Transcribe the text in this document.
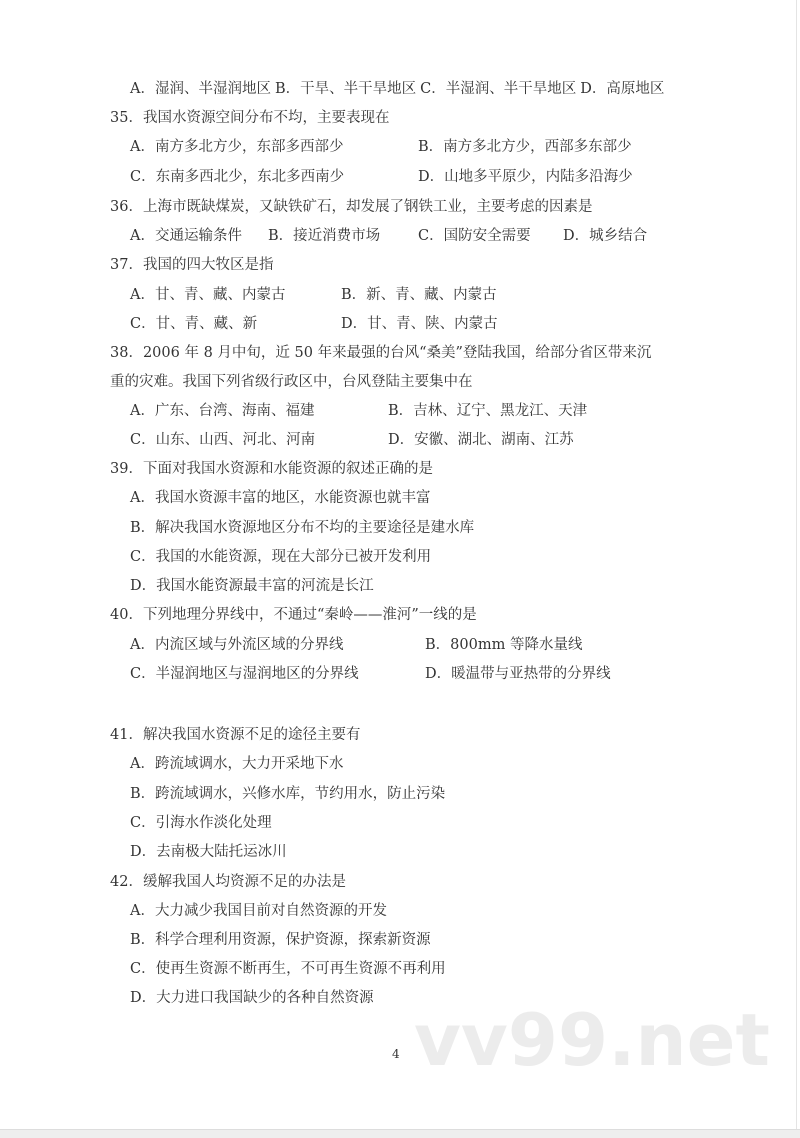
vv99.net
A．湿润、半湿润地区 B．干旱、半干旱地区 C．半湿润、半干旱地区 D．高原地区
35．我国水资源空间分布不均，主要表现在
A．南方多北方少，东部多西部少	B．南方多北方少，西部多东部少
C．东南多西北少，东北多西南少	D．山地多平原少，内陆多沿海少
36．上海市既缺煤炭，又缺铁矿石，却发展了钢铁工业，主要考虑的因素是
A．交通运输条件 B．接近消费市场	C．国防安全需要 D．城乡结合
37．我国的四大牧区是指
A．甘、青、藏、内蒙古	B．新、青、藏、内蒙古
C．甘、青、藏、新	D．甘、青、陕、内蒙古
38．2006 年 8 月中旬，近 50 年来最强的台风“桑美”登陆我国，给部分省区带来沉
重的灾难。我国下列省级行政区中，台风登陆主要集中在
A．广东、台湾、海南、福建	B．吉林、辽宁、黑龙江、天津
C．山东、山西、河北、河南	D．安徽、湖北、湖南、江苏
39．下面对我国水资源和水能资源的叙述正确的是
A．我国水资源丰富的地区，水能资源也就丰富
B．解决我国水资源地区分布不均的主要途径是建水库
C．我国的水能资源，现在大部分已被开发利用
D．我国水能资源最丰富的河流是长江
40．下列地理分界线中，不通过“秦岭——淮河”一线的是
A．内流区域与外流区域的分界线	B．800mm 等降水量线
C．半湿润地区与湿润地区的分界线	D．暖温带与亚热带的分界线
41．解决我国水资源不足的途径主要有
A．跨流域调水，大力开采地下水
B．跨流域调水，兴修水库，节约用水，防止污染
C．引海水作淡化处理
D．去南极大陆托运冰川
42．缓解我国人均资源不足的办法是
A．大力减少我国目前对自然资源的开发
B．科学合理利用资源，保护资源，探索新资源
C．使再生资源不断再生，不可再生资源不再利用
D．大力进口我国缺少的各种自然资源
4
